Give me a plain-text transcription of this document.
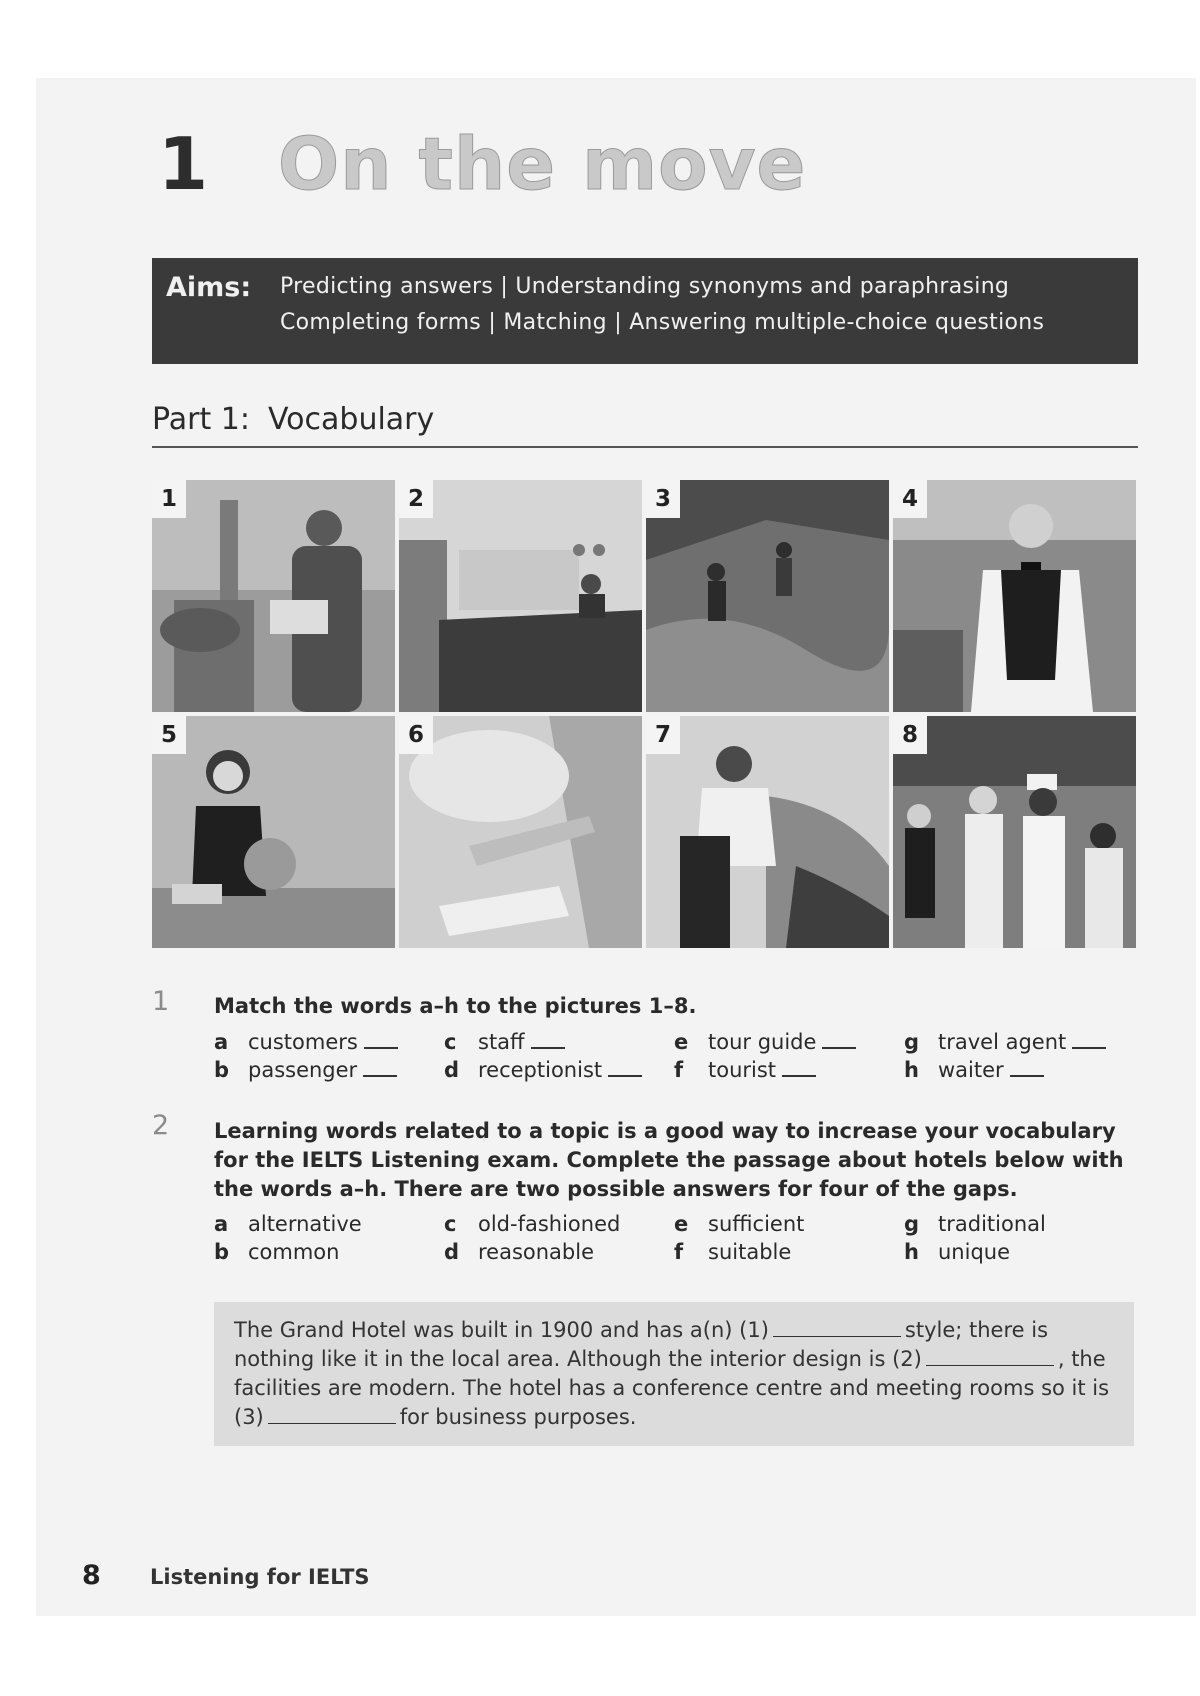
1 On the move
Aims: Predicting answers | Understanding synonyms and paraphrasing
Completing forms | Matching | Answering multiple-choice questions
Part 1: Vocabulary
1	2	3	4
5	6	7	8
1 Match the words a–h to the pictures 1–8.
a customers
b passenger
c staff
d receptionist
e tour guide
f tourist
g travel agent
h waiter
2 Learning words related to a topic is a good way to increase your vocabulary for the IELTS Listening exam. Complete the passage about hotels below with the words a–h. There are two possible answers for four of the gaps.
a alternative
b common
c old-fashioned
d reasonable
e sufficient
f suitable
g traditional
h unique
The Grand Hotel was built in 1900 and has a(n) (1)	style; there is nothing like it in the local area. Although the interior design is (2)	, the facilities are modern. The hotel has a conference centre and meeting rooms so it is
(3)	for business purposes.
8 Listening for IELTS
